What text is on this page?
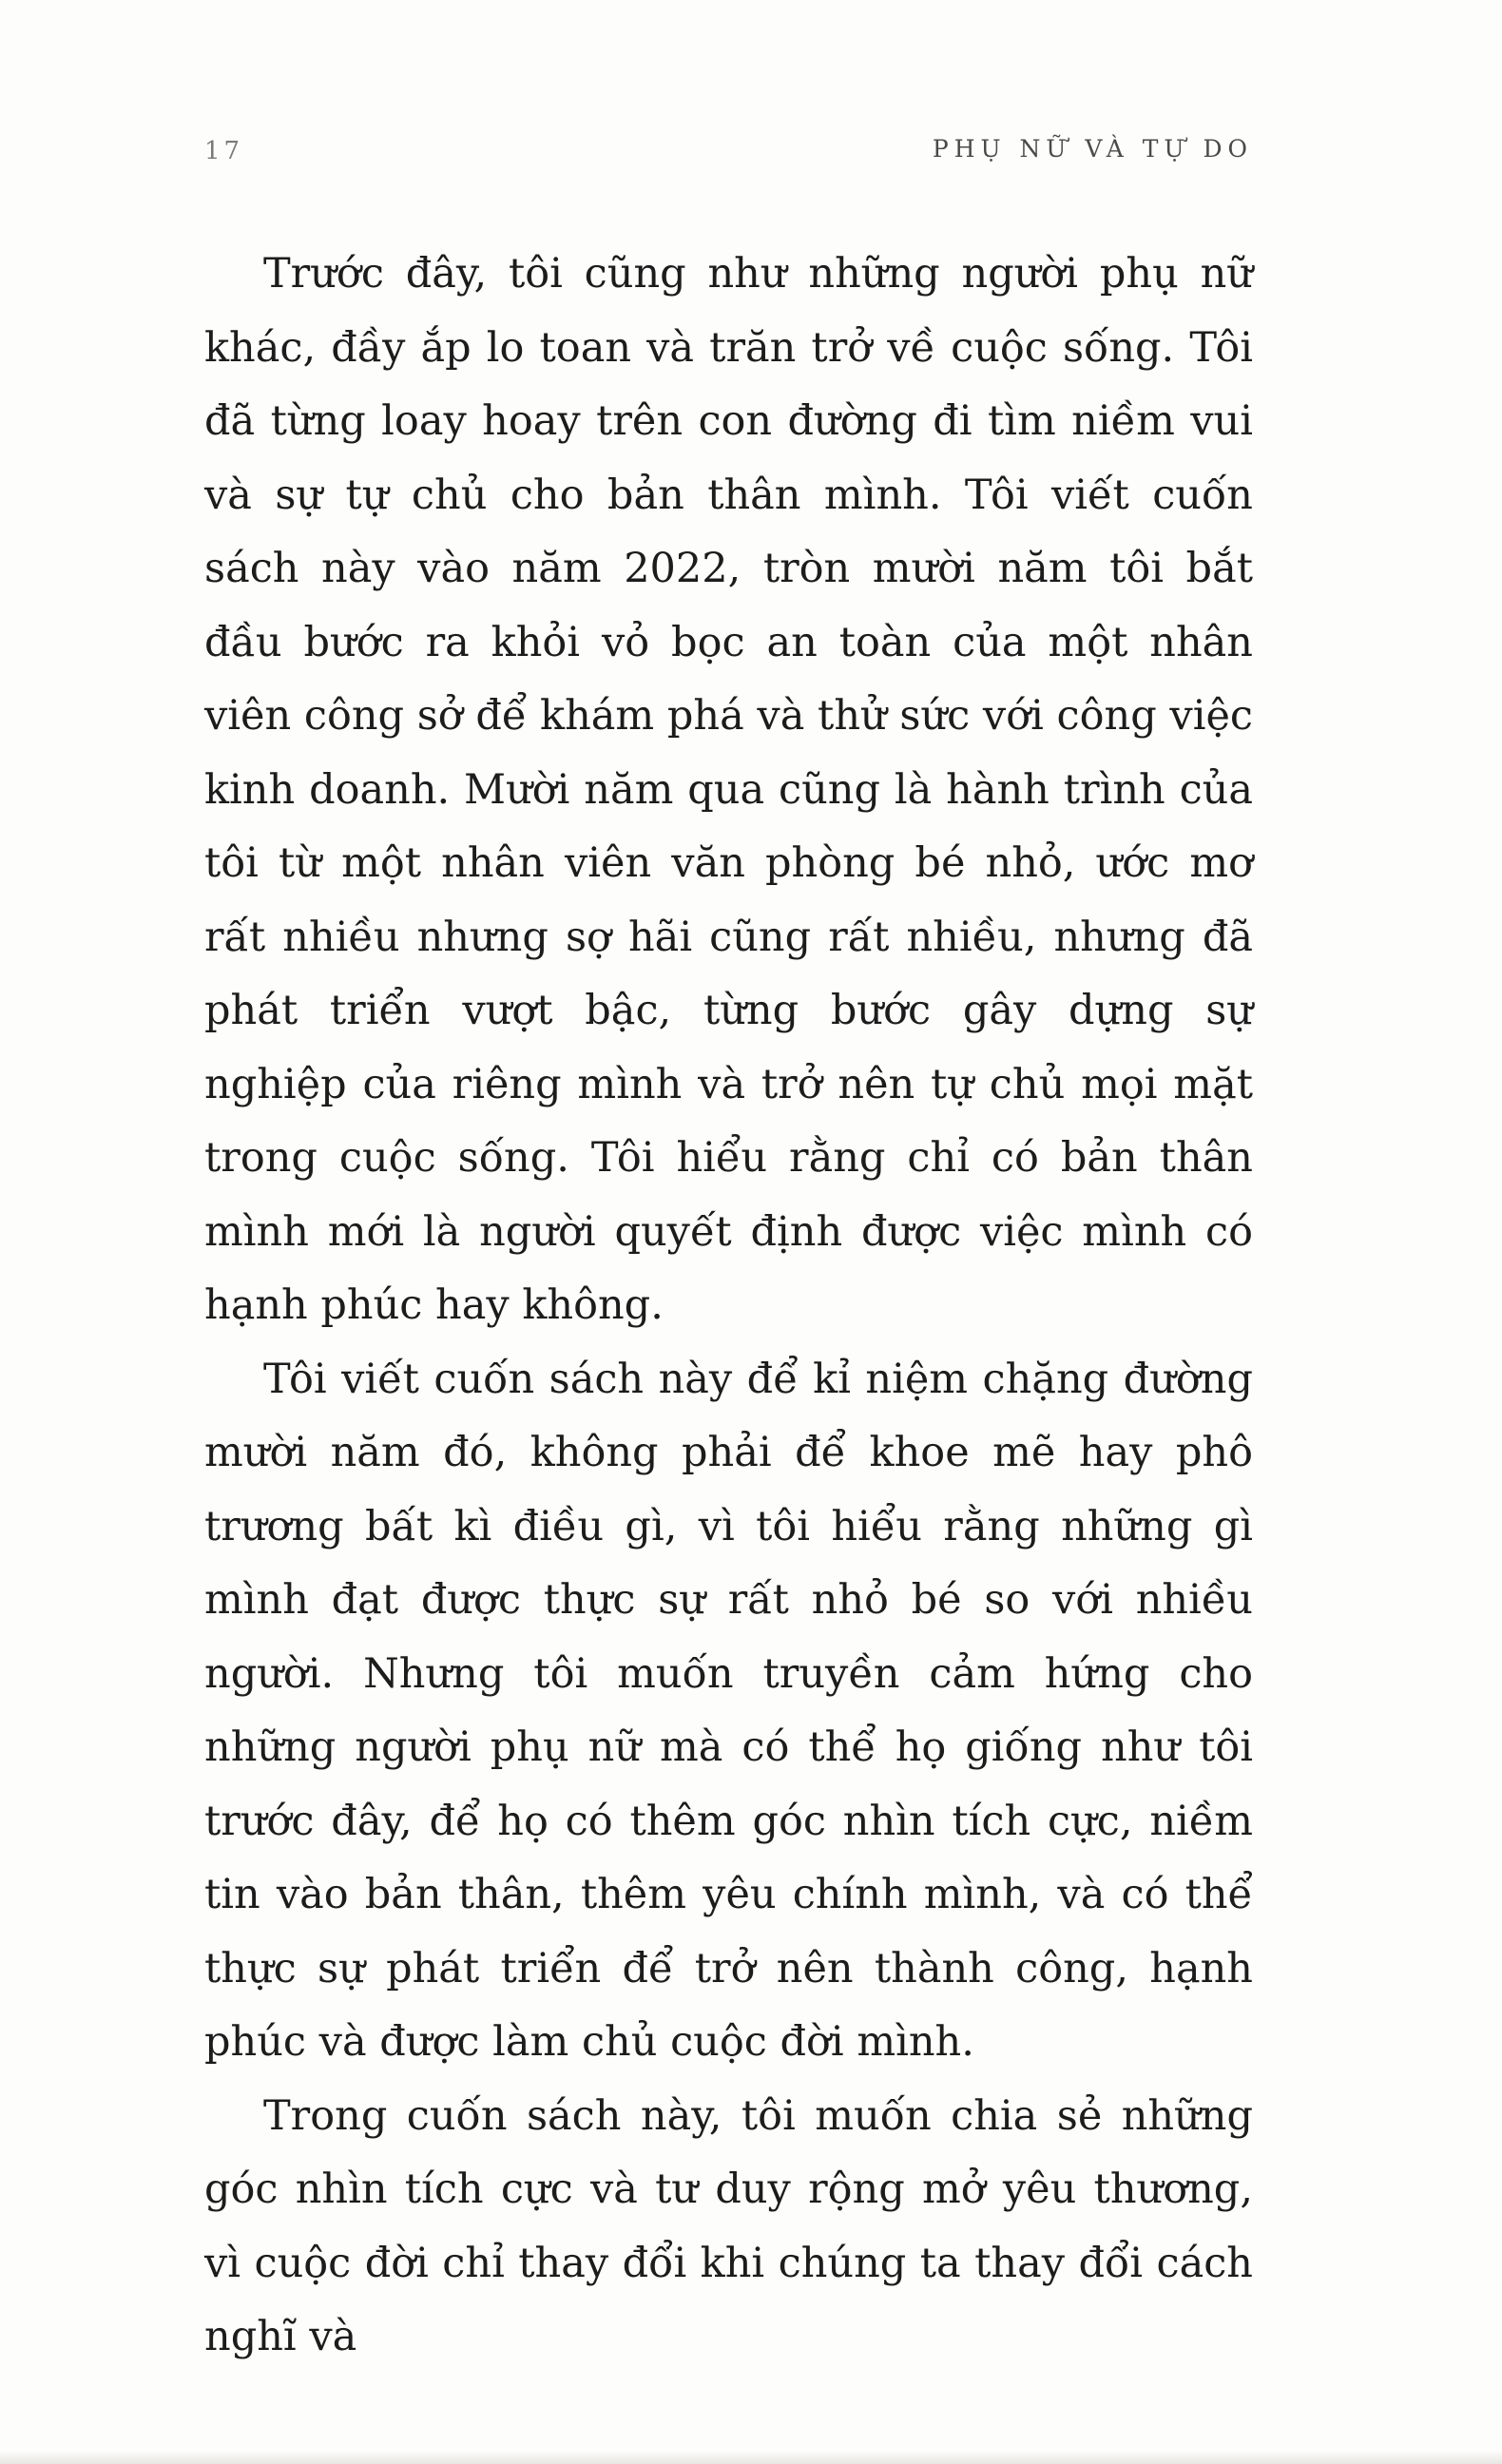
17	PHỤ NỮ VÀ TỰ DO

Trước đây, tôi cũng như những người phụ nữ khác, đầy ắp lo toan và trăn trở về cuộc sống. Tôi đã từng loay hoay trên con đường đi tìm niềm vui và sự tự chủ cho bản thân mình. Tôi viết cuốn sách này vào năm 2022, tròn mười năm tôi bắt đầu bước ra khỏi vỏ bọc an toàn của một nhân viên công sở để khám phá và thử sức với công việc kinh doanh. Mười năm qua cũng là hành trình của tôi từ một nhân viên văn phòng bé nhỏ, ước mơ rất nhiều nhưng sợ hãi cũng rất nhiều, nhưng đã phát triển vượt bậc, từng bước gây dựng sự nghiệp của riêng mình và trở nên tự chủ mọi mặt trong cuộc sống. Tôi hiểu rằng chỉ có bản thân mình mới là người quyết định được việc mình có hạnh phúc hay không.

Tôi viết cuốn sách này để kỉ niệm chặng đường mười năm đó, không phải để khoe mẽ hay phô trương bất kì điều gì, vì tôi hiểu rằng những gì mình đạt được thực sự rất nhỏ bé so với nhiều người. Nhưng tôi muốn truyền cảm hứng cho những người phụ nữ mà có thể họ giống như tôi trước đây, để họ có thêm góc nhìn tích cực, niềm tin vào bản thân, thêm yêu chính mình, và có thể thực sự phát triển để trở nên thành công, hạnh phúc và được làm chủ cuộc đời mình.

Trong cuốn sách này, tôi muốn chia sẻ những góc nhìn tích cực và tư duy rộng mở yêu thương, vì cuộc đời chỉ thay đổi khi chúng ta thay đổi cách nghĩ và
